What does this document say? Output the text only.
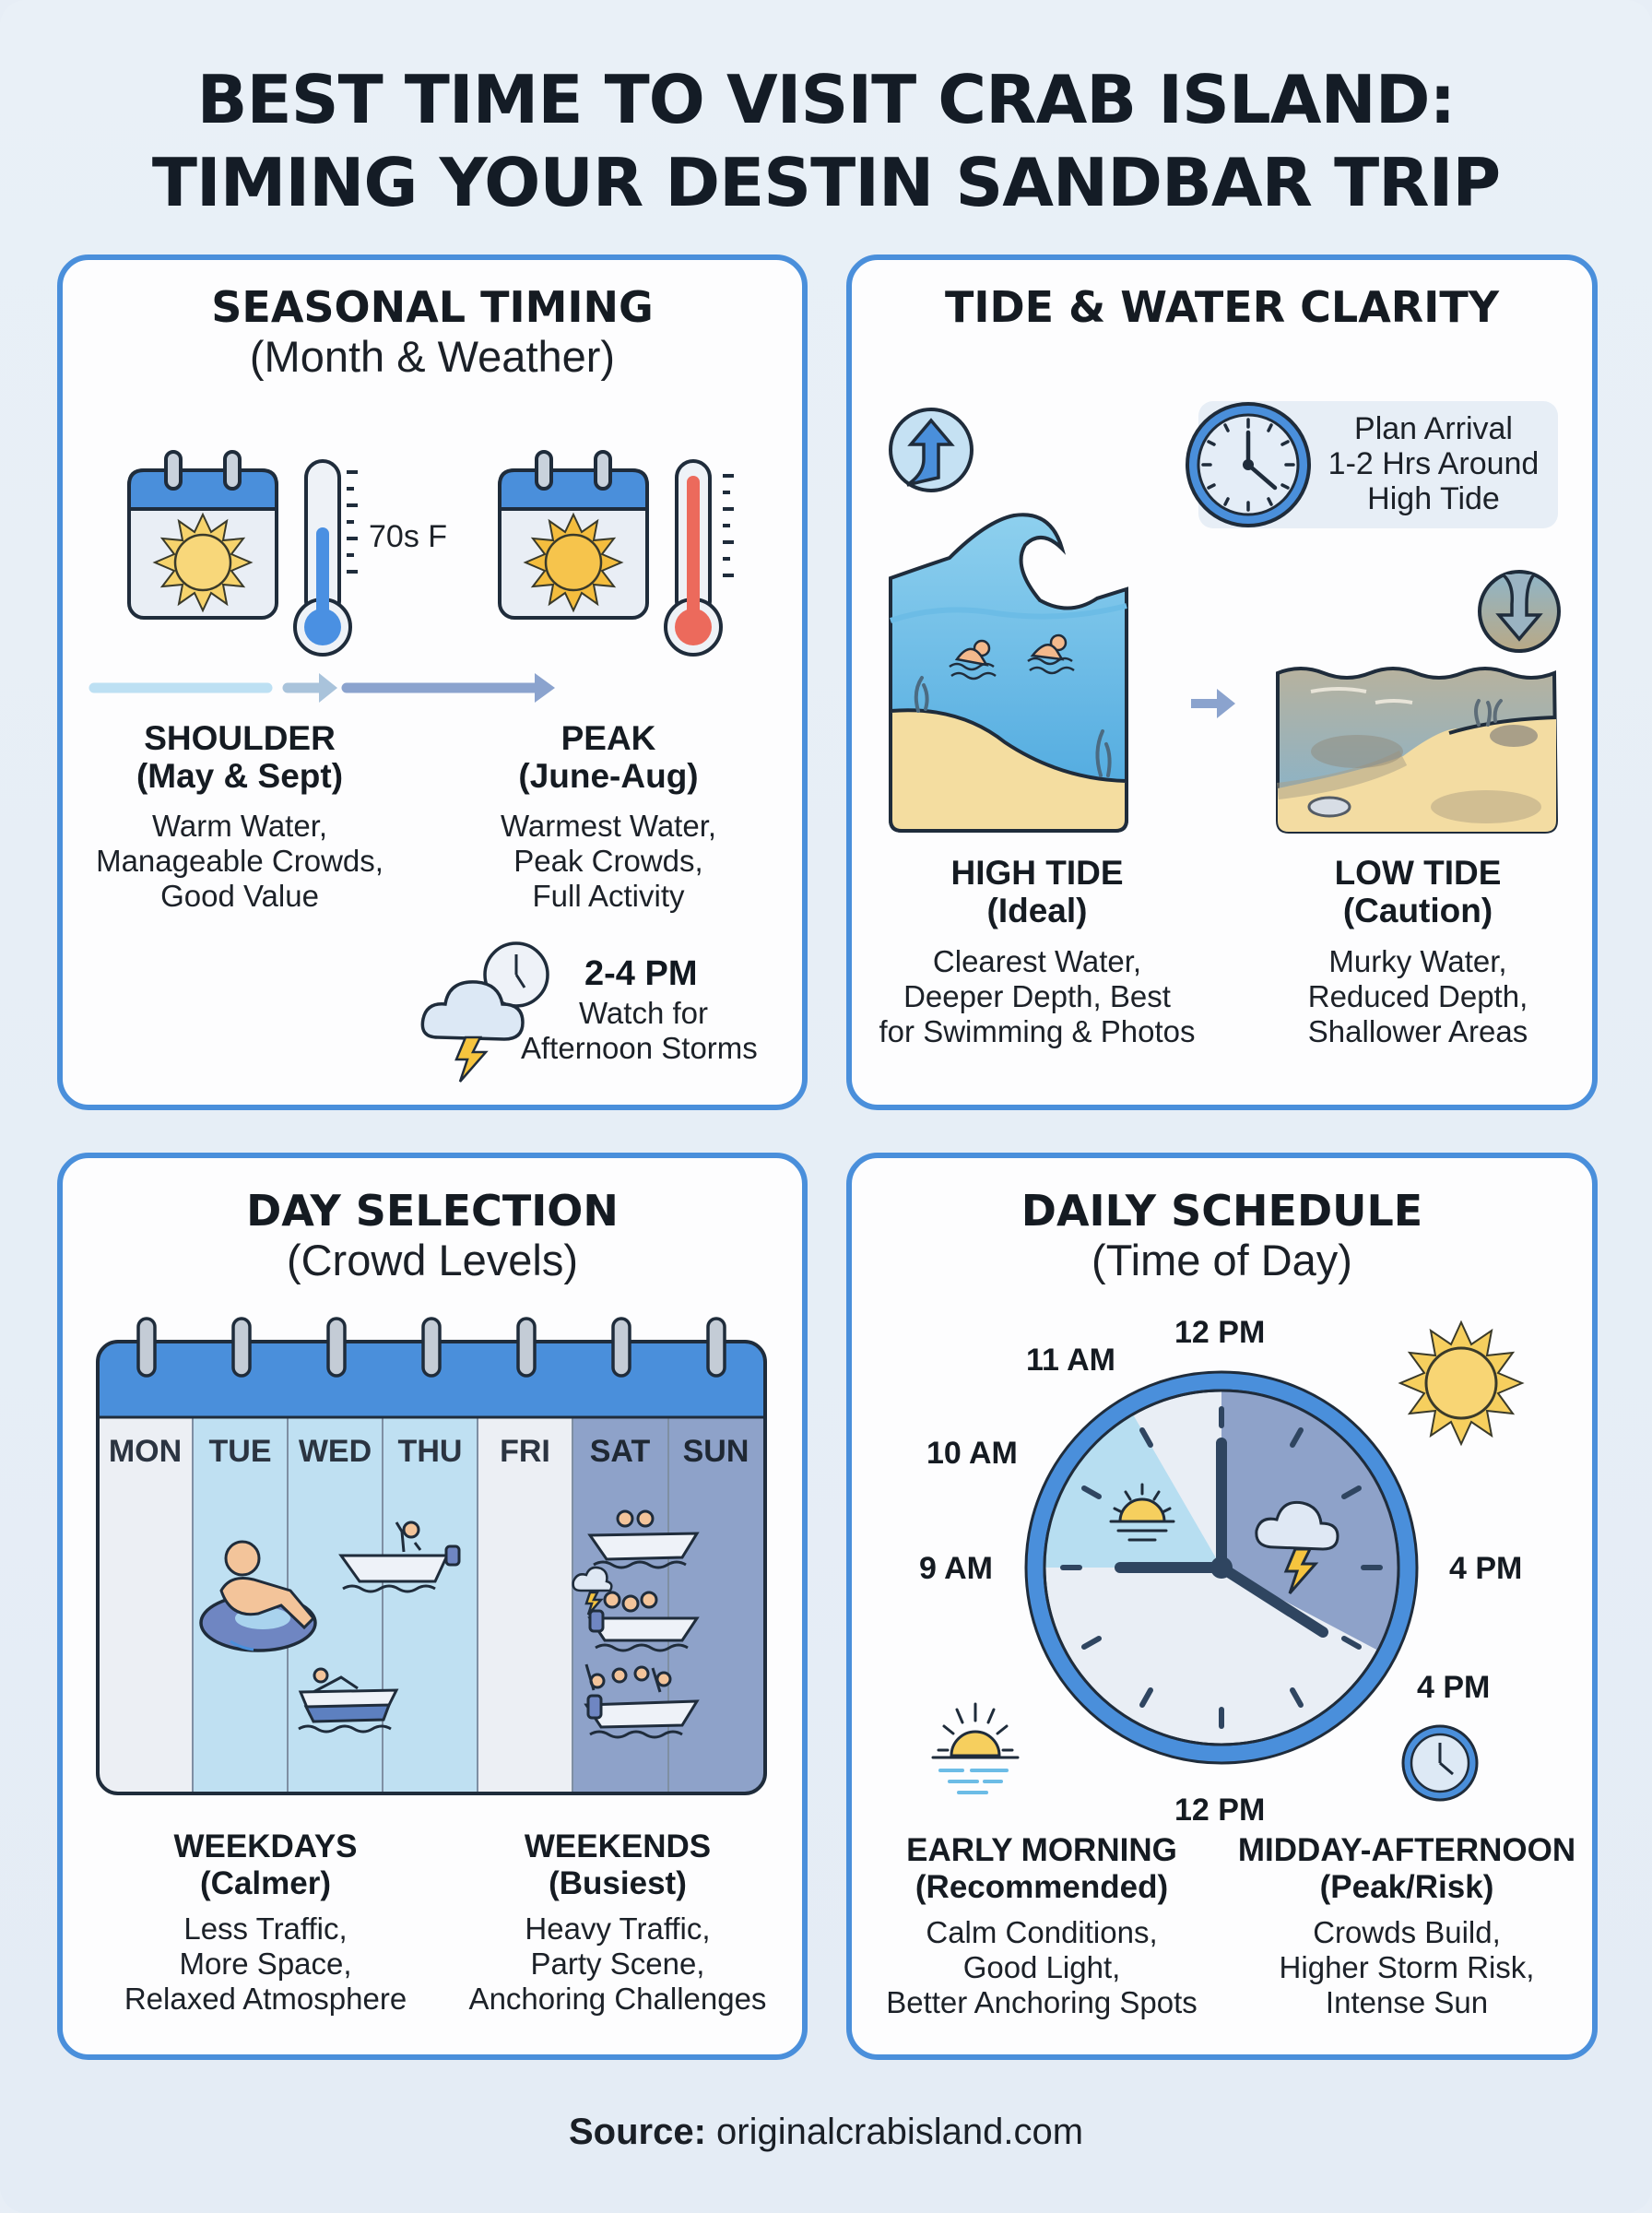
BEST TIME TO VISIT CRAB ISLAND:
TIMING YOUR DESTIN SANDBAR TRIP
SEASONAL TIMING
(Month & Weather)
70s F
SHOULDER
(May & Sept)
Warm Water,
Manageable Crowds,
Good Value
PEAK
(June-Aug)
Warmest Water,
Peak Crowds,
Full Activity
2-4 PM
Watch for
Afternoon Storms
TIDE & WATER CLARITY
Plan Arrival
1-2 Hrs Around
High Tide
HIGH TIDE
(Ideal)
Clearest Water,
Deeper Depth, Best
for Swimming & Photos
LOW TIDE
(Caution)
Murky Water,
Reduced Depth,
Shallower Areas
DAY SELECTION
(Crowd Levels)
MON TUE WED THU	FRI	SAT	SUN
WEEKDAYS
(Calmer)
Less Traffic,
More Space,
Relaxed Atmosphere
WEEKENDS
(Busiest)
Heavy Traffic,
Party Scene,
Anchoring Challenges
DAILY SCHEDULE
(Time of Day)
12 PM
11 AM
10 AM
9 AM	4 PM
4 PM
12 PM
EARLY MORNING
(Recommended)
Calm Conditions,
Good Light,
Better Anchoring Spots
MIDDAY-AFTERNOON
(Peak/Risk)
Crowds Build,
Higher Storm Risk,
Intense Sun
Source: originalcrabisland.com
